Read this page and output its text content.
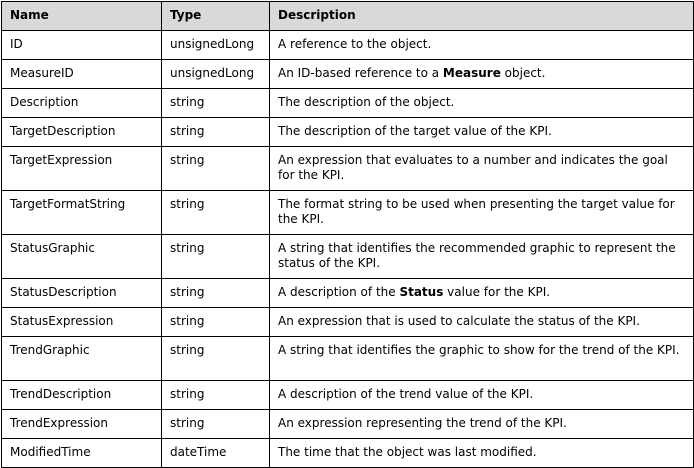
Name	Type	Description
ID	unsignedLong	A reference to the object.
MeasureID	unsignedLong	An ID-based reference to a Measure object.
Description	string	The description of the object.
TargetDescription	string	The description of the target value of the KPI.
TargetExpression	string	An expression that evaluates to a number and indicates the goal for the KPI.
TargetFormatString	string	The format string to be used when presenting the target value for the KPI.
StatusGraphic	string	A string that identifies the recommended graphic to represent the status of the KPI.
StatusDescription	string	A description of the Status value for the KPI.
StatusExpression	string	An expression that is used to calculate the status of the KPI.
TrendGraphic	string	A string that identifies the graphic to show for the trend of the KPI.
TrendDescription	string	A description of the trend value of the KPI.
TrendExpression	string	An expression representing the trend of the KPI.
ModifiedTime	dateTime	The time that the object was last modified.
